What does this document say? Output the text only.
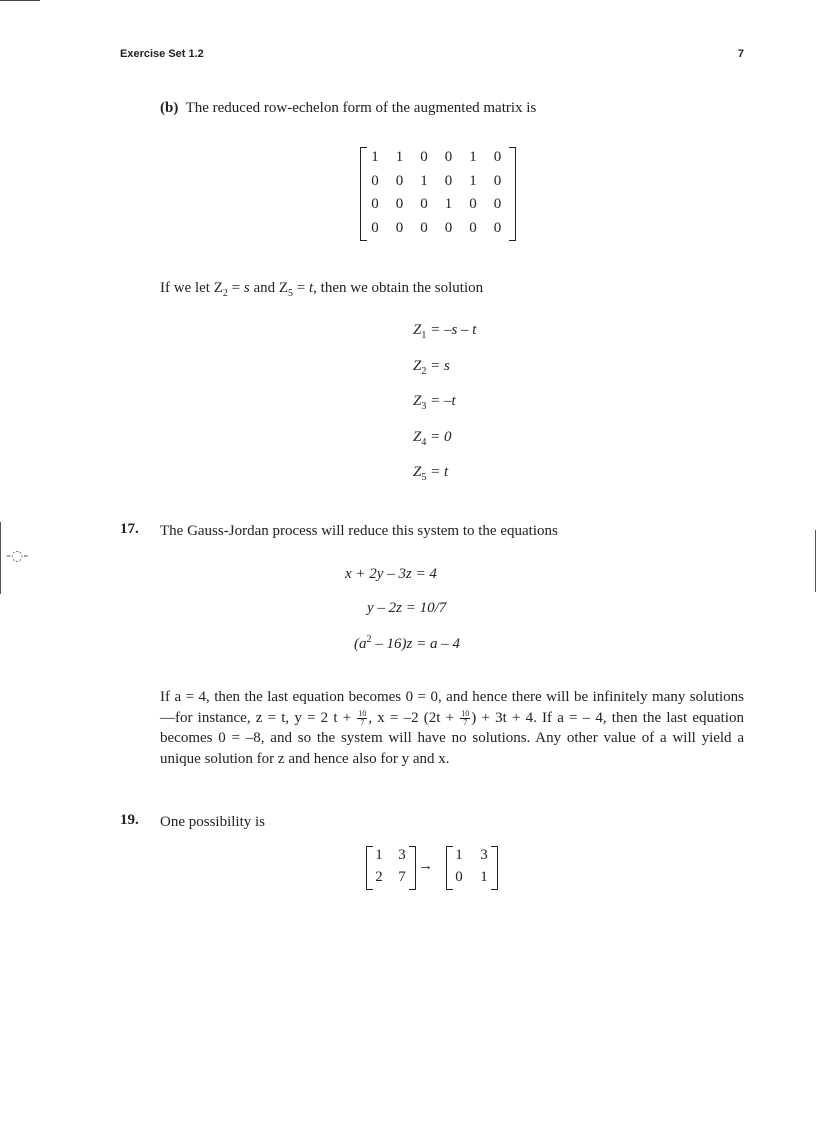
-◌-
Exercise Set 1.2	7
(b) The reduced row-echelon form of the augmented matrix is
1	1	0	0	1	0
0	0	1	0	1	0
0	0	0	1	0	0
0	0	0	0	0	0
If we let $Z_2 = s$ and $Z_5 = t$, then we obtain the solution
$Z_1 = -s - t$
$Z_2 = s$
$Z_3 = -t$
$Z_4 = 0$
$Z_5 = t$
17. The Gauss-Jordan process will reduce this system to the equations
x + 2y – 3z = 4
y – 2z = 10/7
$(a^2 - 16)z = a - 4$
If a = 4, then the last equation becomes 0 = 0, and hence there will be infinitely many solutions—for instance, z = t, y = 2 $t + \frac{10}{7}$ , x = –2 ($2t + \frac{10}{7}$ ) + 3t + 4. If a = – 4, then the last equation becomes 0 = –8, and so the system will have no solutions. Any other value of a will yield a unique solution for z and hence also for y and x.
19. One possibility is
1	3
2	7
→
1	3
0	1
